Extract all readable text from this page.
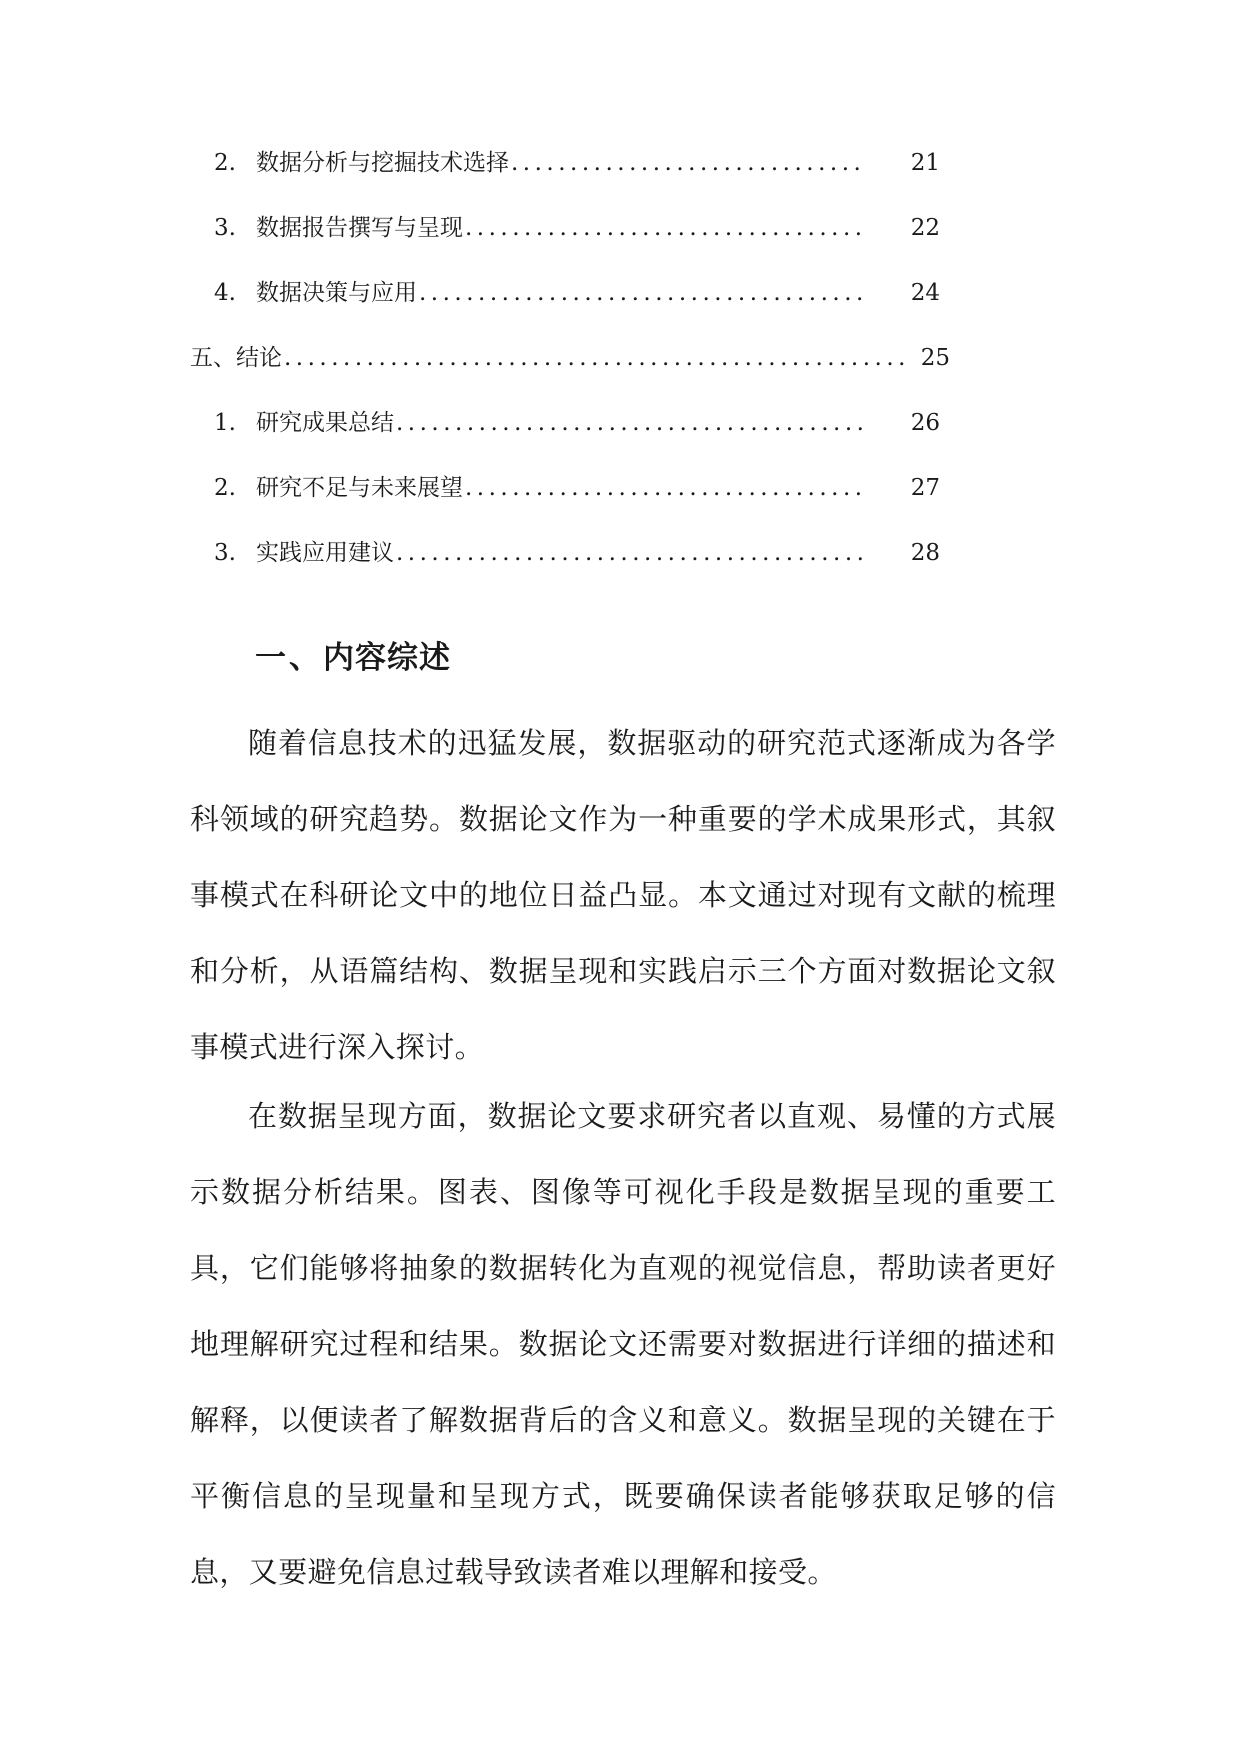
2. 数据分析与挖掘技术选择 ..............................	21
3. 数据报告撰写与呈现 ..................................	22
4. 数据决策与应用 ......................................	24
五、结论 ..................................................... 25
1. 研究成果总结 ........................................	26
2. 研究不足与未来展望 ..................................	27
3. 实践应用建议 ........................................	28
一、内容综述

随着信息技术的迅猛发展，数据驱动的研究范式逐渐成为各学科领域的研究趋势。数据论文作为一种重要的学术成果形式，其叙事模式在科研论文中的地位日益凸显。本文通过对现有文献的梳理和分析，从语篇结构、数据呈现和实践启示三个方面对数据论文叙事模式进行深入探讨。

在数据呈现方面，数据论文要求研究者以直观、易懂的方式展示数据分析结果。图表、图像等可视化手段是数据呈现的重要工具，它们能够将抽象的数据转化为直观的视觉信息，帮助读者更好地理解研究过程和结果。数据论文还需要对数据进行详细的描述和解释，以便读者了解数据背后的含义和意义。数据呈现的关键在于平衡信息的呈现量和呈现方式，既要确保读者能够获取足够的信息，又要避免信息过载导致读者难以理解和接受。
